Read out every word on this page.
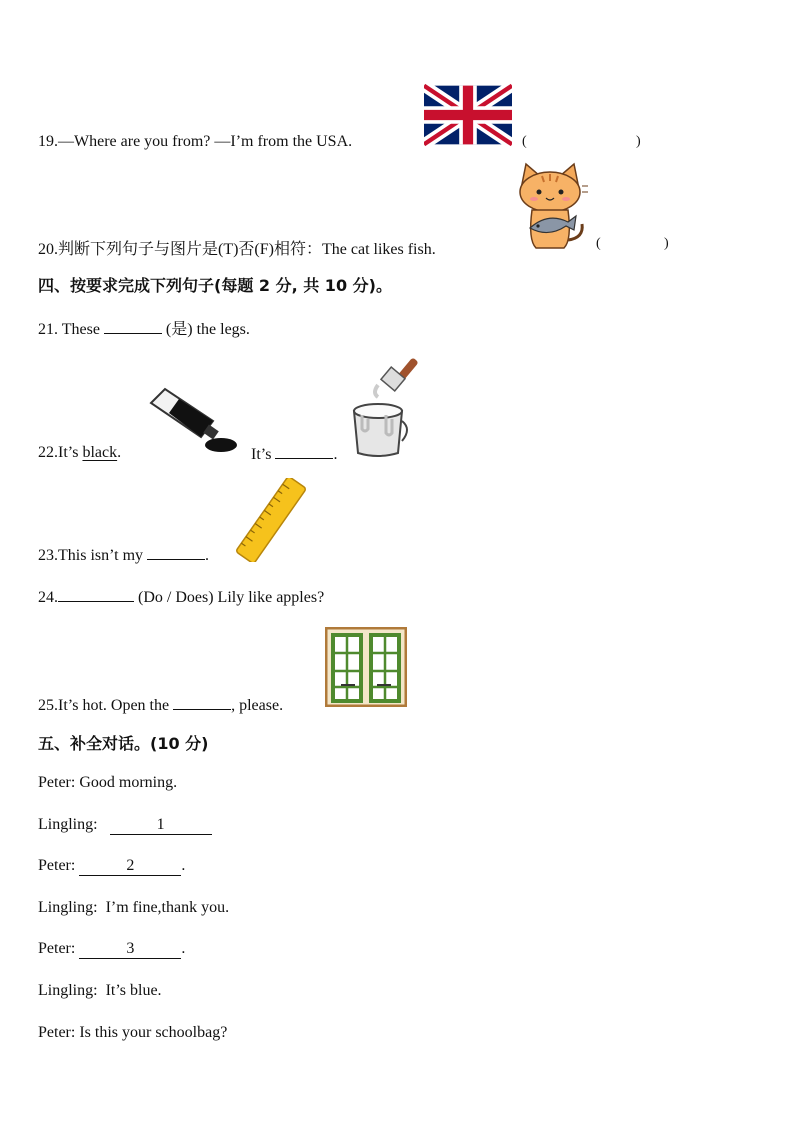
19.—Where are you from? —I’m from the USA.	(	)
20.判断下列句子与图片是(T)否(F)相符：The cat likes fish.	(	)
四、按要求完成下列句子(每题 2 分, 共 10 分)。
21. These	(是) the legs.
22.It’s black.	It’s	.
23.This isn’t my	.
24.	(Do / Does) Lily like apples?
25.It’s hot. Open the	, please.
五、补全对话。(10 分)
Peter: Good morning.
Lingling:	1
Peter:	2	.
Lingling: I’m fine,thank you.
Peter:	3	.
Lingling: It’s blue.
Peter: Is this your schoolbag?
